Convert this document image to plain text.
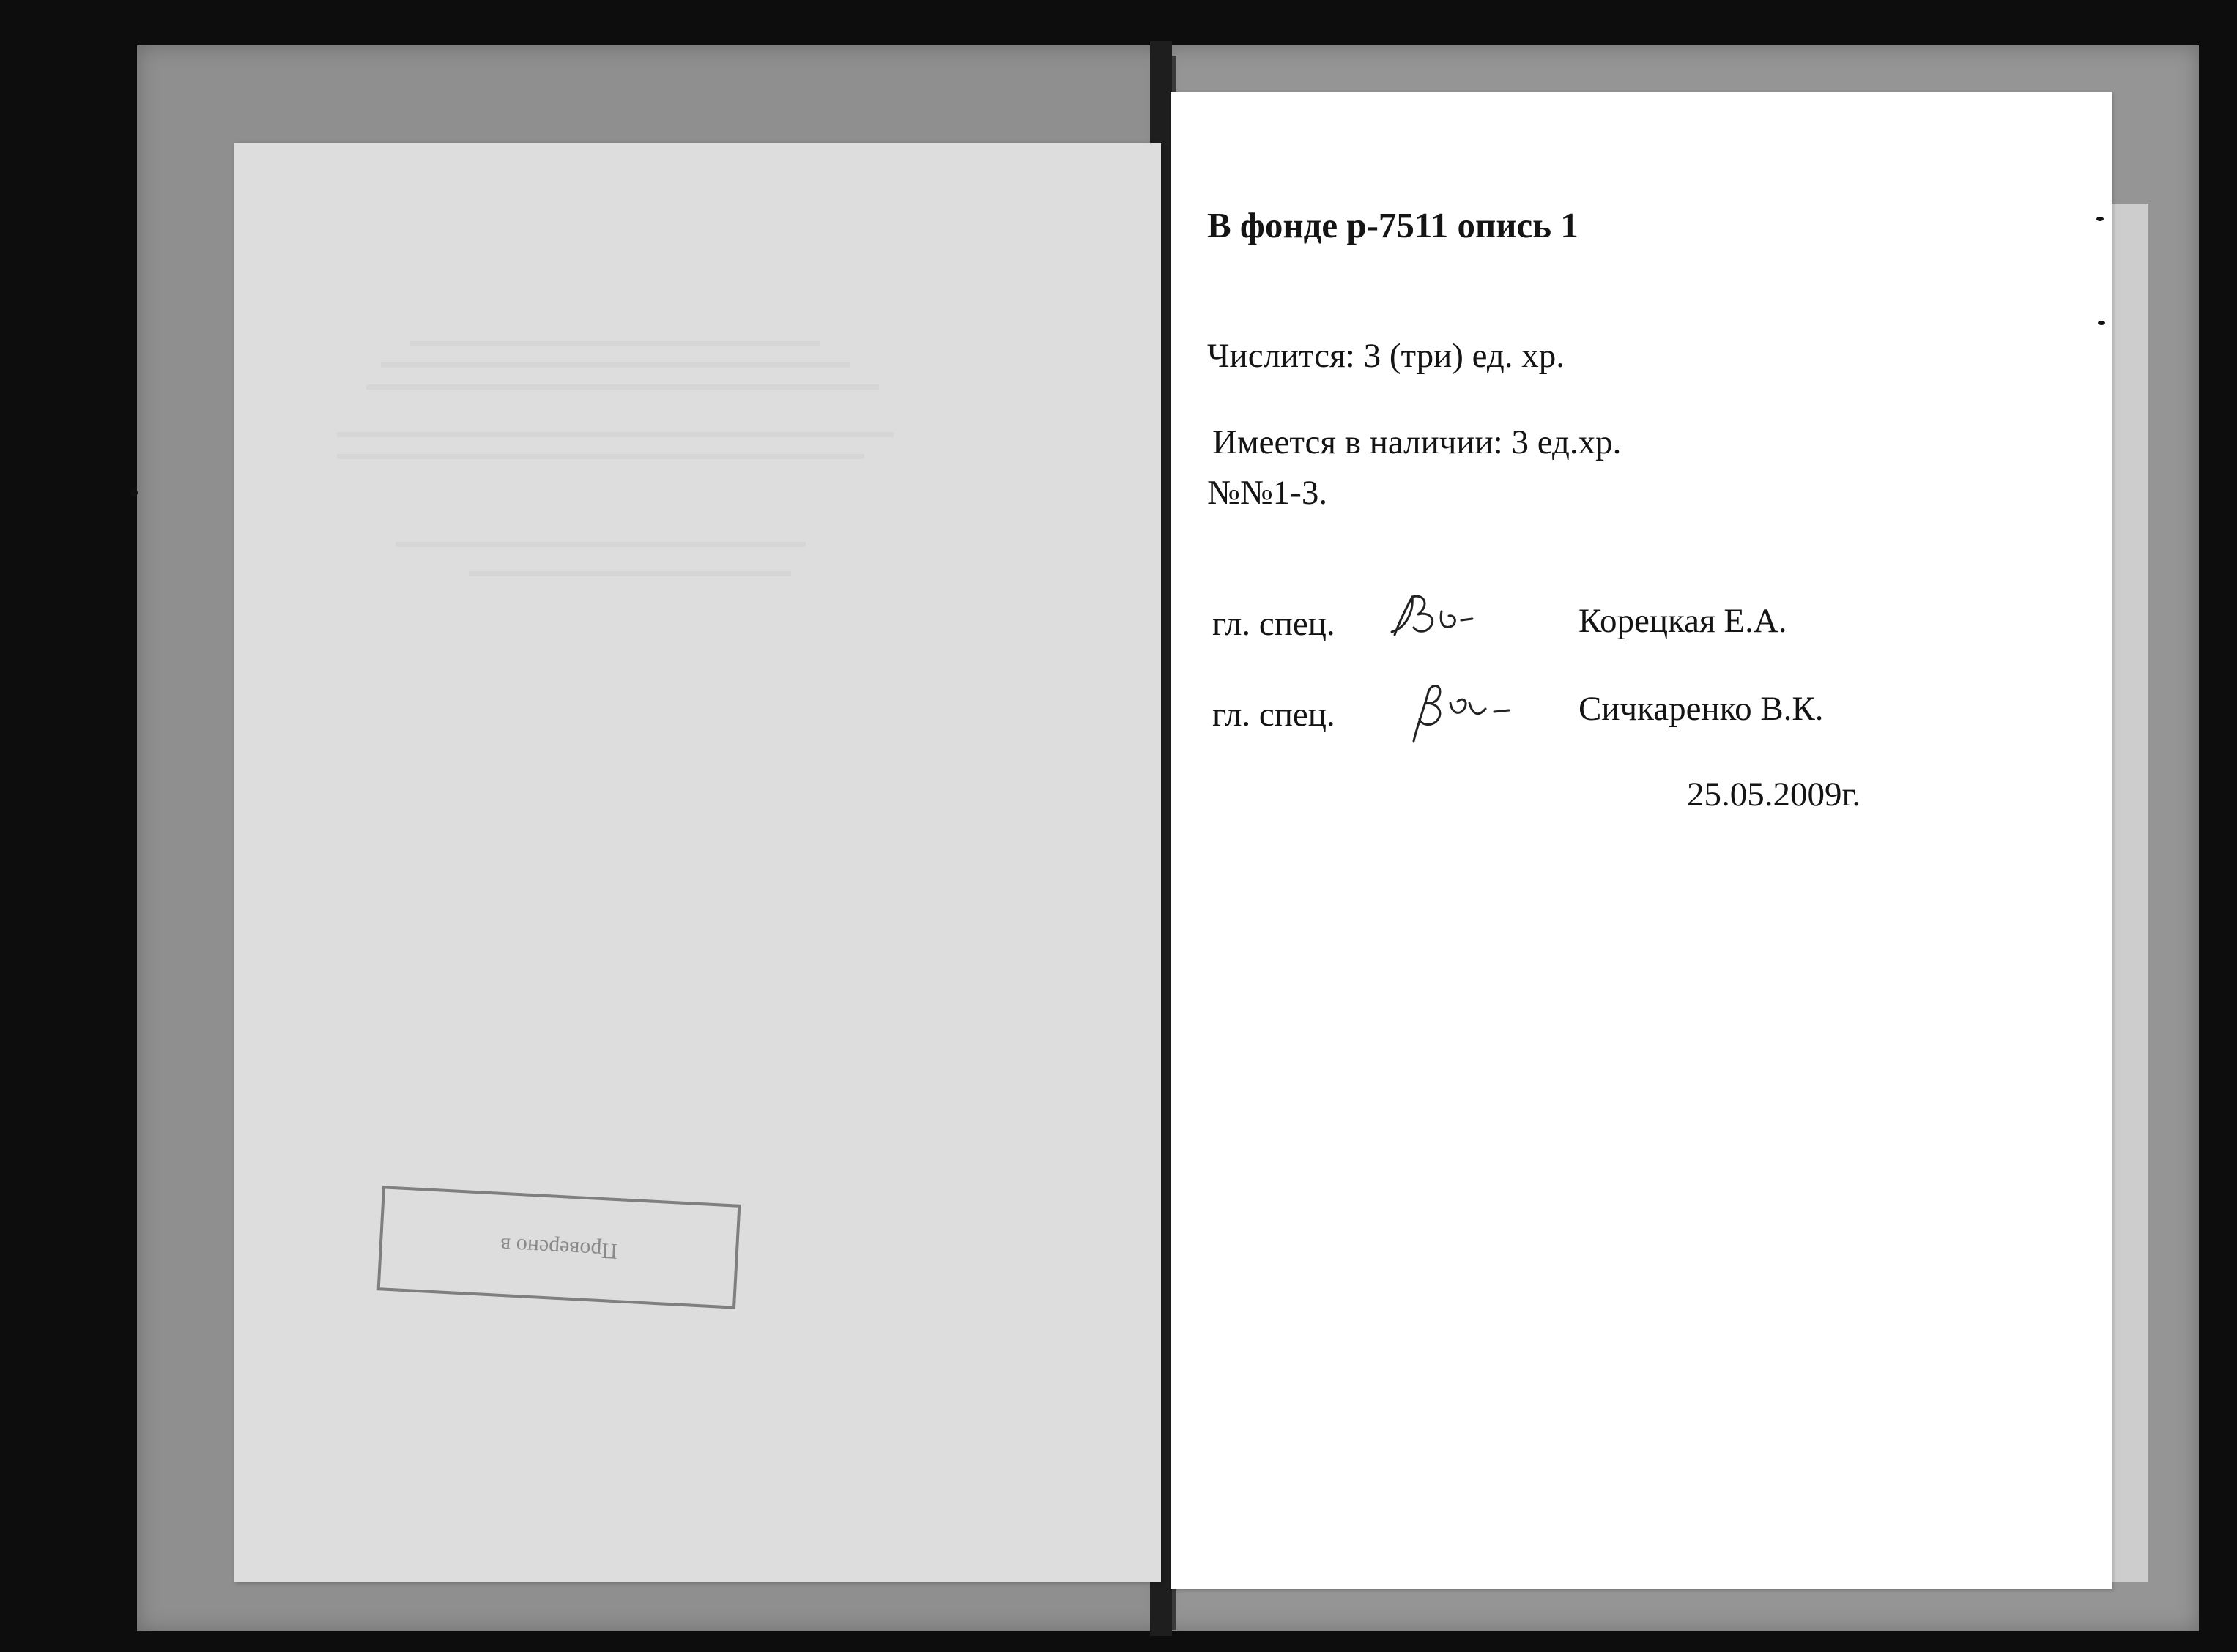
Проверено в
В фонде р-7511 опись 1
Числится: 3 (три) ед. хр.
Имеется в наличии: 3 ед.хр.
№№1-3.
гл. спец.	Корецкая Е.А.
гл. спец.	Сичкаренко В.К.
25.05.2009г.
